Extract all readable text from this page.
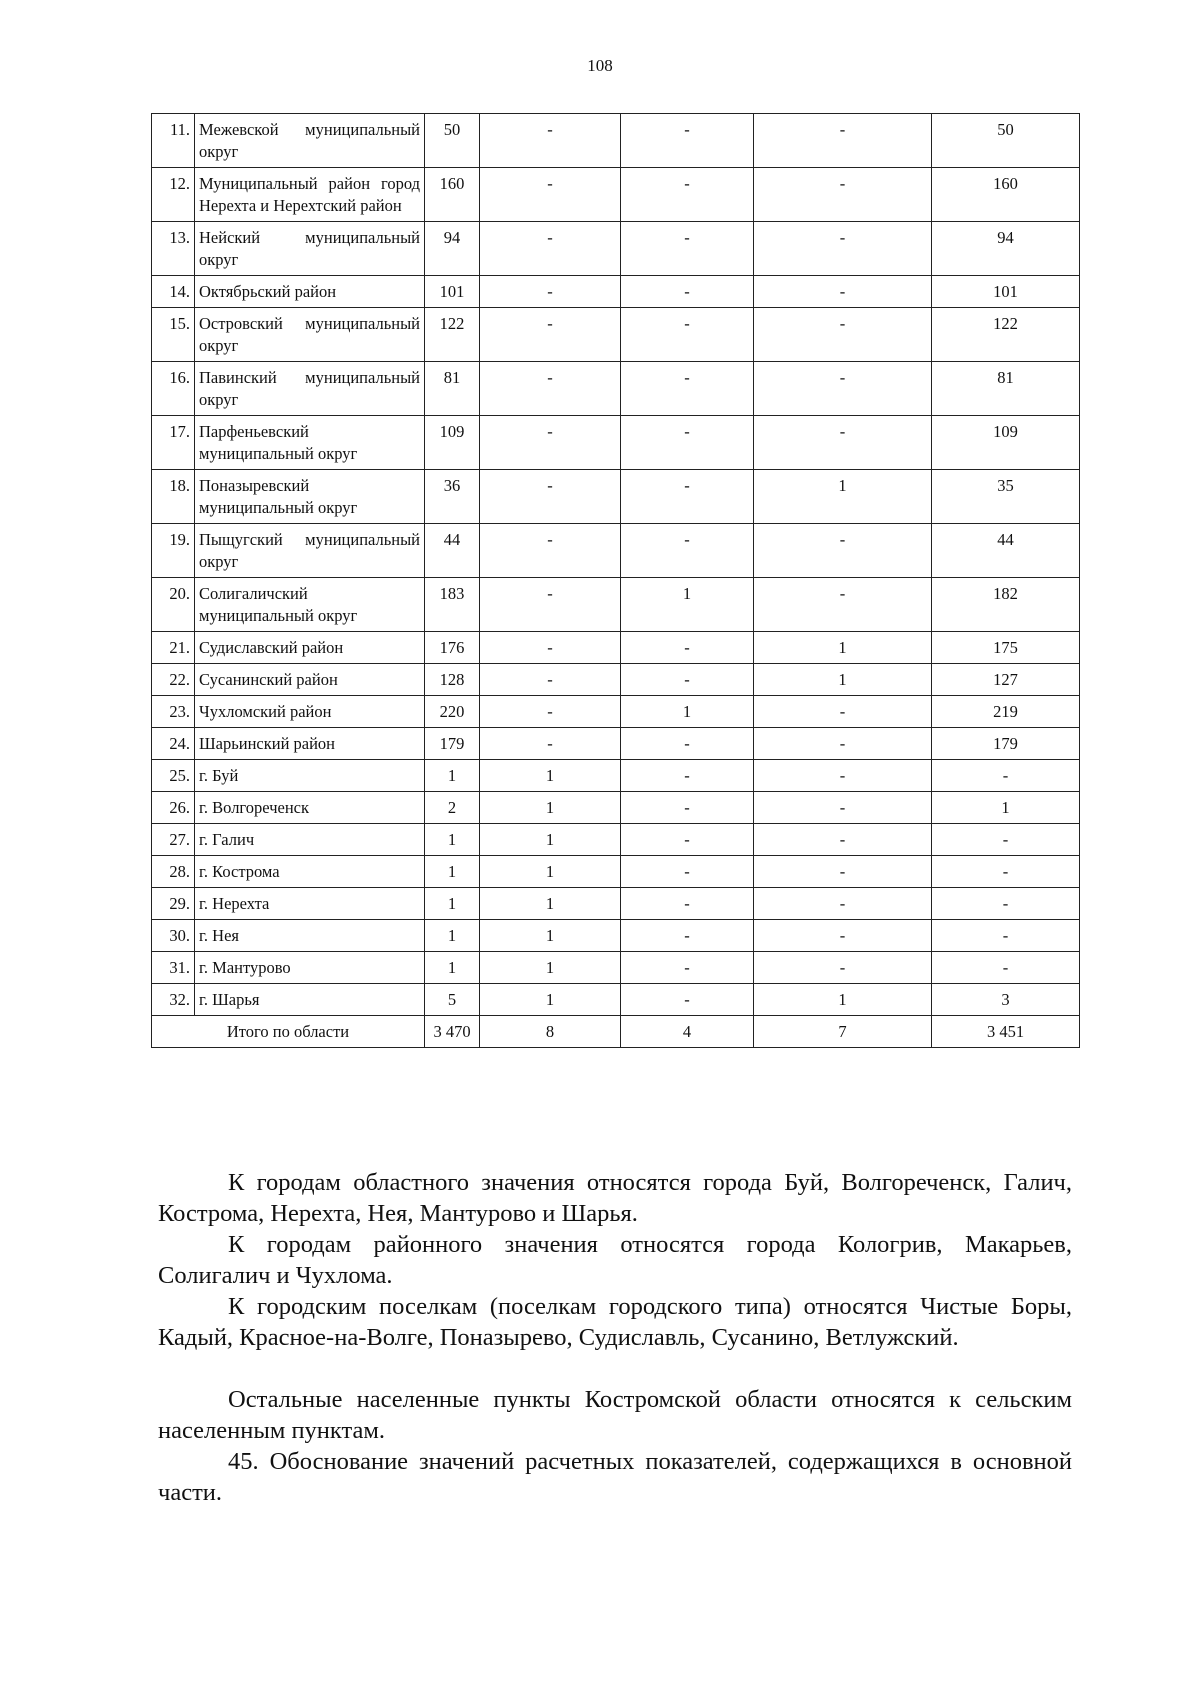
108
11.	Межевской муниципальный округ	50	-	-	-	50
12.	Муниципальный район город Нерехта и Нерехтский район	160	-	-	-	160
13.	Нейский муниципальный округ	94	-	-	-	94
14.	Октябрьский район	101	-	-	-	101
15.	Островский муниципальный округ	122	-	-	-	122
16.	Павинский муниципальный округ	81	-	-	-	81
17.	Парфеньевский муниципальный округ	109	-	-	-	109
18.	Поназыревский муниципальный округ	36	-	-	1	35
19.	Пыщугский муниципальный округ	44	-	-	-	44
20.	Солигаличский муниципальный округ	183	-	1	-	182
21.	Судиславский район	176	-	-	1	175
22.	Сусанинский район	128	-	-	1	127
23.	Чухломский район	220	-	1	-	219
24.	Шарьинский район	179	-	-	-	179
25.	г. Буй	1	1	-	-	-
26.	г. Волгореченск	2	1	-	-	1
27.	г. Галич	1	1	-	-	-
28.	г. Кострома	1	1	-	-	-
29.	г. Нерехта	1	1	-	-	-
30.	г. Нея	1	1	-	-	-
31.	г. Мантурово	1	1	-	-	-
32.	г. Шарья	5	1	-	1	3
Итого по области		3 470	8	4	7	3 451

К городам областного значения относятся города Буй, Волгореченск, Галич, Кострома, Нерехта, Нея, Мантурово и Шарья.

К городам районного значения относятся города Кологрив, Макарьев, Солигалич и Чухлома.

К городским поселкам (поселкам городского типа) относятся Чистые Боры, Кадый, Красное-на-Волге, Поназырево, Судиславль, Сусанино, Ветлужский.

Остальные населенные пункты Костромской области относятся к сельским населенным пунктам.

45. Обоснование значений расчетных показателей, содержащихся в основной части.
